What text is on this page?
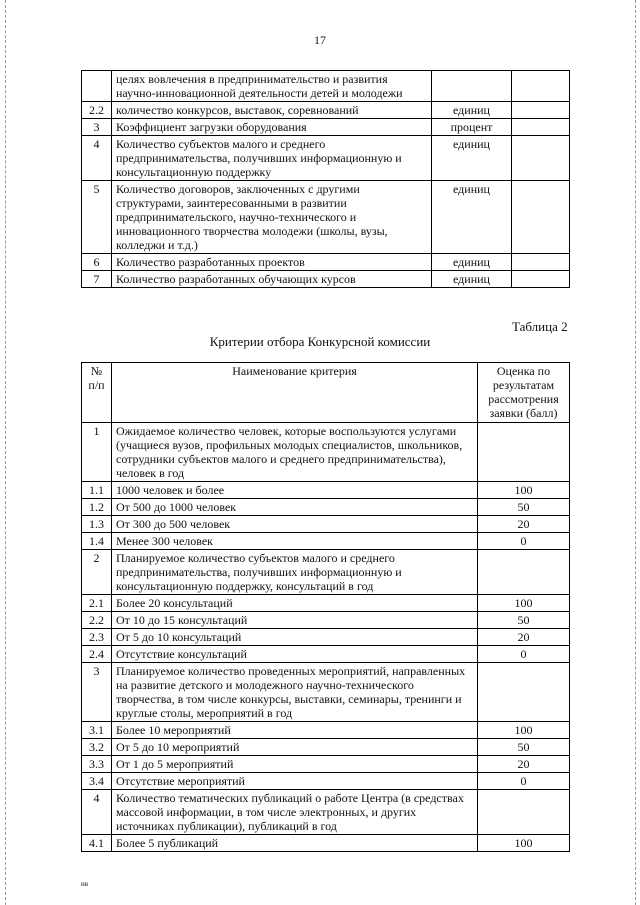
17
	целях вовлечения в предпринимательство и развития научно-инновационной деятельности детей и молодежи		
2.2	количество конкурсов, выставок, соревнований	единиц	
3	Коэффициент загрузки оборудования	процент	
4	Количество субъектов малого и среднего предпринимательства, получивших информационную и консультационную поддержку	единиц	
5	Количество договоров, заключенных с другими структурами, заинтересованными в развитии предпринимательского, научно-технического и инновационного творчества молодежи (школы, вузы, колледжи и т.д.)	единиц	
6	Количество разработанных проектов	единиц	
7	Количество разработанных обучающих курсов	единиц	
Таблица 2
Критерии отбора Конкурсной комиссии
№ п/п	Наименование критерия	Оценка по результатам рассмотрения заявки (балл)
1	Ожидаемое количество человек, которые воспользуются услугами (учащиеся вузов, профильных молодых специалистов, школьников, сотрудники субъектов малого и среднего предпринимательства), человек в год	
1.1	1000 человек и более	100
1.2	От 500 до 1000 человек	50
1.3	От 300 до 500 человек	20
1.4	Менее 300 человек	0
2	Планируемое количество субъектов малого и среднего предпринимательства, получивших информационную и консультационную поддержку, консультаций в год	
2.1	Более 20 консультаций	100
2.2	От 10 до 15 консультаций	50
2.3	От 5 до 10 консультаций	20
2.4	Отсутствие консультаций	0
3	Планируемое количество проведенных мероприятий, направленных на развитие детского и молодежного научно-технического творчества, в том числе конкурсы, выставки, семинары, тренинги и круглые столы, мероприятий в год	
3.1	Более 10 мероприятий	100
3.2	От 5 до 10 мероприятий	50
3.3	От 1 до 5 мероприятий	20
3.4	Отсутствие мероприятий	0
4	Количество тематических публикаций о работе Центра (в средствах массовой информации, в том числе электронных, и других источниках публикации), публикаций в год	
4.1	Более 5 публикаций	100
ив
